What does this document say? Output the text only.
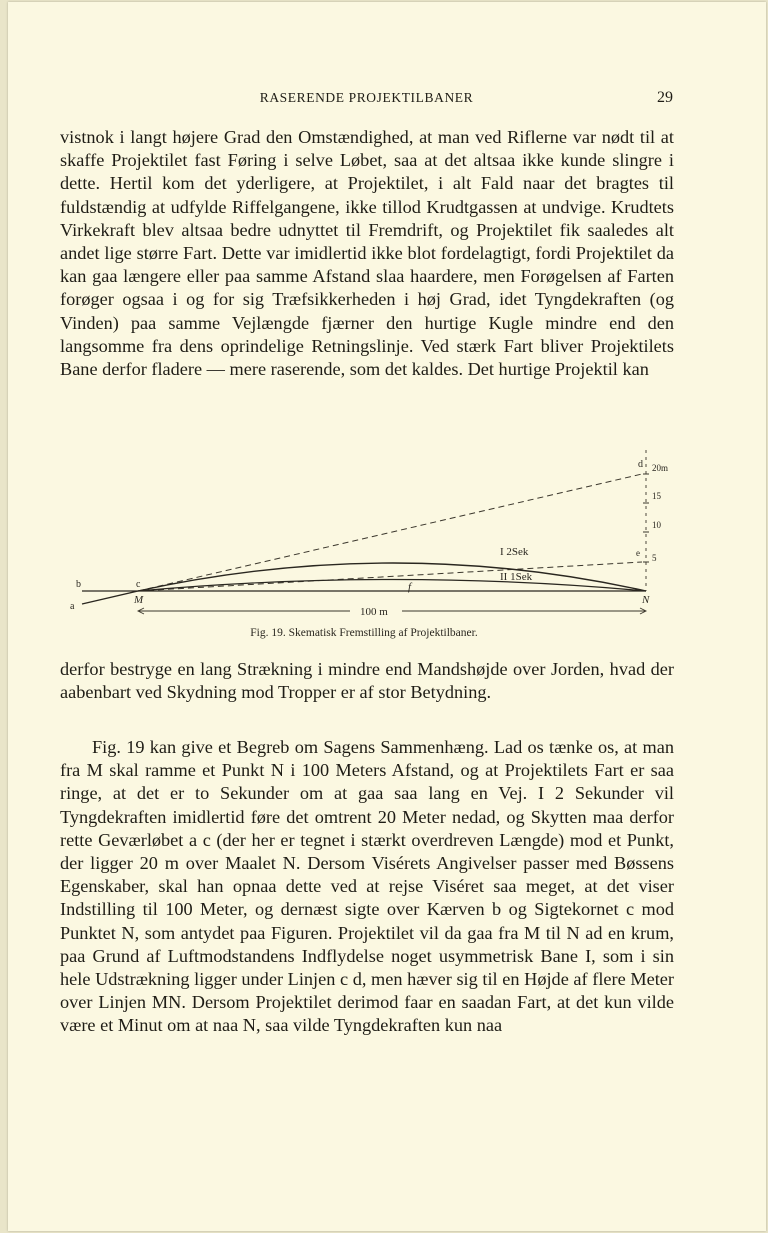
RASERENDE PROJEKTILBANER	29
vistnok i langt højere Grad den Omstændighed, at man ved Riflerne var nødt til at skaffe Projektilet fast Føring i selve Løbet, saa at det altsaa ikke kunde slingre i dette. Hertil kom det yderligere, at Projektilet, i alt Fald naar det bragtes til fuldstændig at udfylde Riffelgangene, ikke tillod Krudtgassen at undvige. Krudtets Virkekraft blev altsaa bedre udnyttet til Fremdrift, og Projektilet fik saaledes alt andet lige større Fart. Dette var imidlertid ikke blot fordelagtigt, fordi Projektilet da kan gaa længere eller paa samme Afstand slaa haardere, men Forøgelsen af Farten forøger ogsaa i og for sig Træfsikkerheden i høj Grad, idet Tyngdekraften (og Vinden) paa samme Vejlængde fjærner den hurtige Kugle mindre end den langsomme fra dens oprindelige Retningslinje. Ved stærk Fart bliver Projektilets Bane derfor fladere — mere raserende, som det kaldes. Det hurtige Projektil kan
a
b	c
M
d
e
N
f
20m
15
10
5
I 2Sek
II 1Sek
100 m
Fig. 19. Skematisk Fremstilling af Projektilbaner.
derfor bestryge en lang Strækning i mindre end Mandshøjde over Jorden, hvad der aabenbart ved Skydning mod Tropper er af stor Betydning.
Fig. 19 kan give et Begreb om Sagens Sammenhæng. Lad os tænke os, at man fra M skal ramme et Punkt N i 100 Meters Afstand, og at Projektilets Fart er saa ringe, at det er to Sekunder om at gaa saa lang en Vej. I 2 Sekunder vil Tyngdekraften imidlertid føre det omtrent 20 Meter nedad, og Skytten maa derfor rette Geværløbet a c (der her er tegnet i stærkt overdreven Længde) mod et Punkt, der ligger 20 m over Maalet N. Dersom Visérets Angivelser passer med Bøssens Egenskaber, skal han opnaa dette ved at rejse Viséret saa meget, at det viser Indstilling til 100 Meter, og dernæst sigte over Kærven b og Sigtekornet c mod Punktet N, som antydet paa Figuren. Projektilet vil da gaa fra M til N ad en krum, paa Grund af Luftmodstandens Indflydelse noget usymmetrisk Bane I, som i sin hele Udstrækning ligger under Linjen c d, men hæver sig til en Højde af flere Meter over Linjen MN. Dersom Projektilet derimod faar en saadan Fart, at det kun vilde være et Minut om at naa N, saa vilde Tyngdekraften kun naa
